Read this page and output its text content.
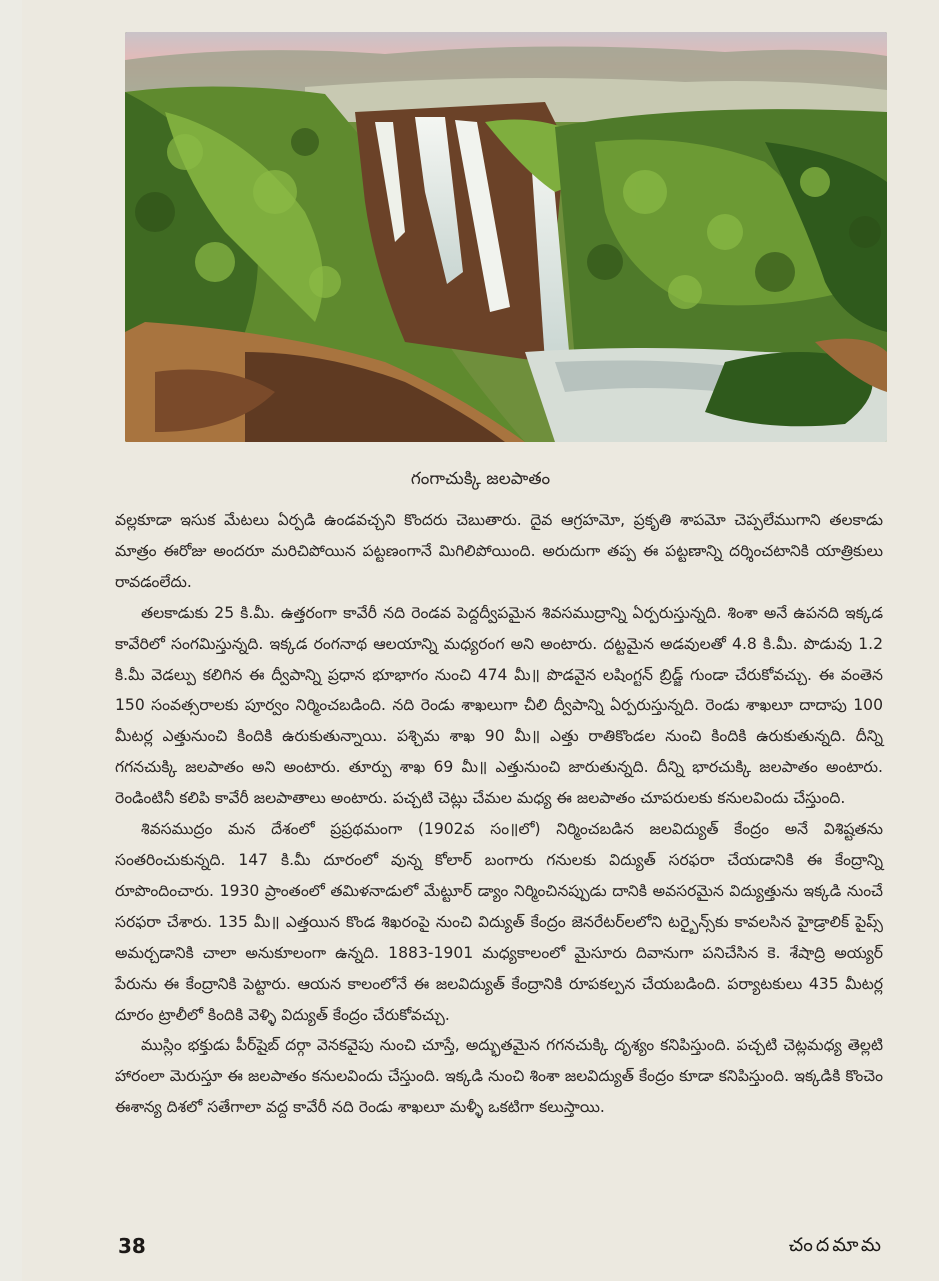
గంగాచుక్కి జలపాతం

వల్లకూడా ఇసుక మేటలు ఏర్పడి ఉండవచ్చని కొందరు చెబుతారు. దైవ ఆగ్రహమో, ప్రకృతి శాపమో చెప్పలేముగాని తలకాడు మాత్రం ఈరోజు అందరూ మరిచిపోయిన పట్టణంగానే మిగిలిపోయింది. అరుదుగా తప్ప ఈ పట్టణాన్ని దర్శించటానికి యాత్రికులు రావడంలేదు.

తలకాడుకు 25 కి.మీ. ఉత్తరంగా కావేరీ నది రెండవ పెద్దద్వీపమైన శివసముద్రాన్ని ఏర్పరుస్తున్నది. శింశా అనే ఉపనది ఇక్కడ కావేరిలో సంగమిస్తున్నది. ఇక్కడ రంగనాథ ఆలయాన్ని మధ్యరంగ అని అంటారు. దట్టమైన అడవులతో 4.8 కి.మీ. పొడువు 1.2 కి.మీ వెడల్పు కలిగిన ఈ ద్వీపాన్ని ప్రధాన భూభాగం నుంచి 474 మీ॥ పొడవైన లషింగ్టన్ బ్రిడ్జ్ గుండా చేరుకోవచ్చు. ఈ వంతెన 150 సంవత్సరాలకు పూర్వం నిర్మించబడింది. నది రెండు శాఖలుగా చీలి ద్వీపాన్ని ఏర్పరుస్తున్నది. రెండు శాఖలూ దాదాపు 100 మీటర్ల ఎత్తునుంచి కిందికి ఉరుకుతున్నాయి. పశ్చిమ శాఖ 90 మీ॥ ఎత్తు రాతికొండల నుంచి కిందికి ఉరుకుతున్నది. దీన్ని గగనచుక్కి జలపాతం అని అంటారు. తూర్పు శాఖ 69 మీ॥ ఎత్తునుంచి జారుతున్నది. దీన్ని భారచుక్కి జలపాతం అంటారు. రెండింటినీ కలిపి కావేరీ జలపాతాలు అంటారు. పచ్చటి చెట్లు చేమల మధ్య ఈ జలపాతం చూపరులకు కనులవిందు చేస్తుంది.

శివసముద్రం మన దేశంలో ప్రప్రథమంగా (1902వ సం॥లో) నిర్మించబడిన జలవిద్యుత్ కేంద్రం అనే విశిష్టతను సంతరించుకున్నది. 147 కి.మీ దూరంలో వున్న కోలార్ బంగారు గనులకు విద్యుత్ సరఫరా చేయడానికి ఈ కేంద్రాన్ని రూపొందించారు. 1930 ప్రాంతంలో తమిళనాడులో మేట్టూర్ డ్యాం నిర్మించినప్పుడు దానికి అవసరమైన విద్యుత్తును ఇక్కడి నుంచే సరఫరా చేశారు. 135 మీ॥ ఎత్తయిన కొండ శిఖరంపై నుంచి విద్యుత్ కేంద్రం జెనరేటర్‌లలోని టర్బైన్స్‌కు కావలసిన హైడ్రాలిక్ పైప్స్ అమర్చడానికి చాలా అనుకూలంగా ఉన్నది. 1883-1901 మధ్యకాలంలో మైసూరు దివానుగా పనిచేసిన కె. శేషాద్రి అయ్యర్ పేరును ఈ కేంద్రానికి పెట్టారు. ఆయన కాలంలోనే ఈ జలవిద్యుత్ కేంద్రానికి రూపకల్పన చేయబడింది. పర్యాటకులు 435 మీటర్ల దూరం ట్రాలీలో కిందికి వెళ్ళి విద్యుత్ కేంద్రం చేరుకోవచ్చు.

ముస్లిం భక్తుడు పీర్‌షైబ్ దర్గా వెనకవైపు నుంచి చూస్తే, అద్భుతమైన గగనచుక్కి దృశ్యం కనిపిస్తుంది. పచ్చటి చెట్లమధ్య తెల్లటి హారంలా మెరుస్తూ ఈ జలపాతం కనులవిందు చేస్తుంది. ఇక్కడి నుంచి శింశా జలవిద్యుత్ కేంద్రం కూడా కనిపిస్తుంది. ఇక్కడికి కొంచెం ఈశాన్య దిశలో సతేగాలా వద్ద కావేరీ నది రెండు శాఖలూ మళ్ళీ ఒకటిగా కలుస్తాయి.

38	చందమామ
